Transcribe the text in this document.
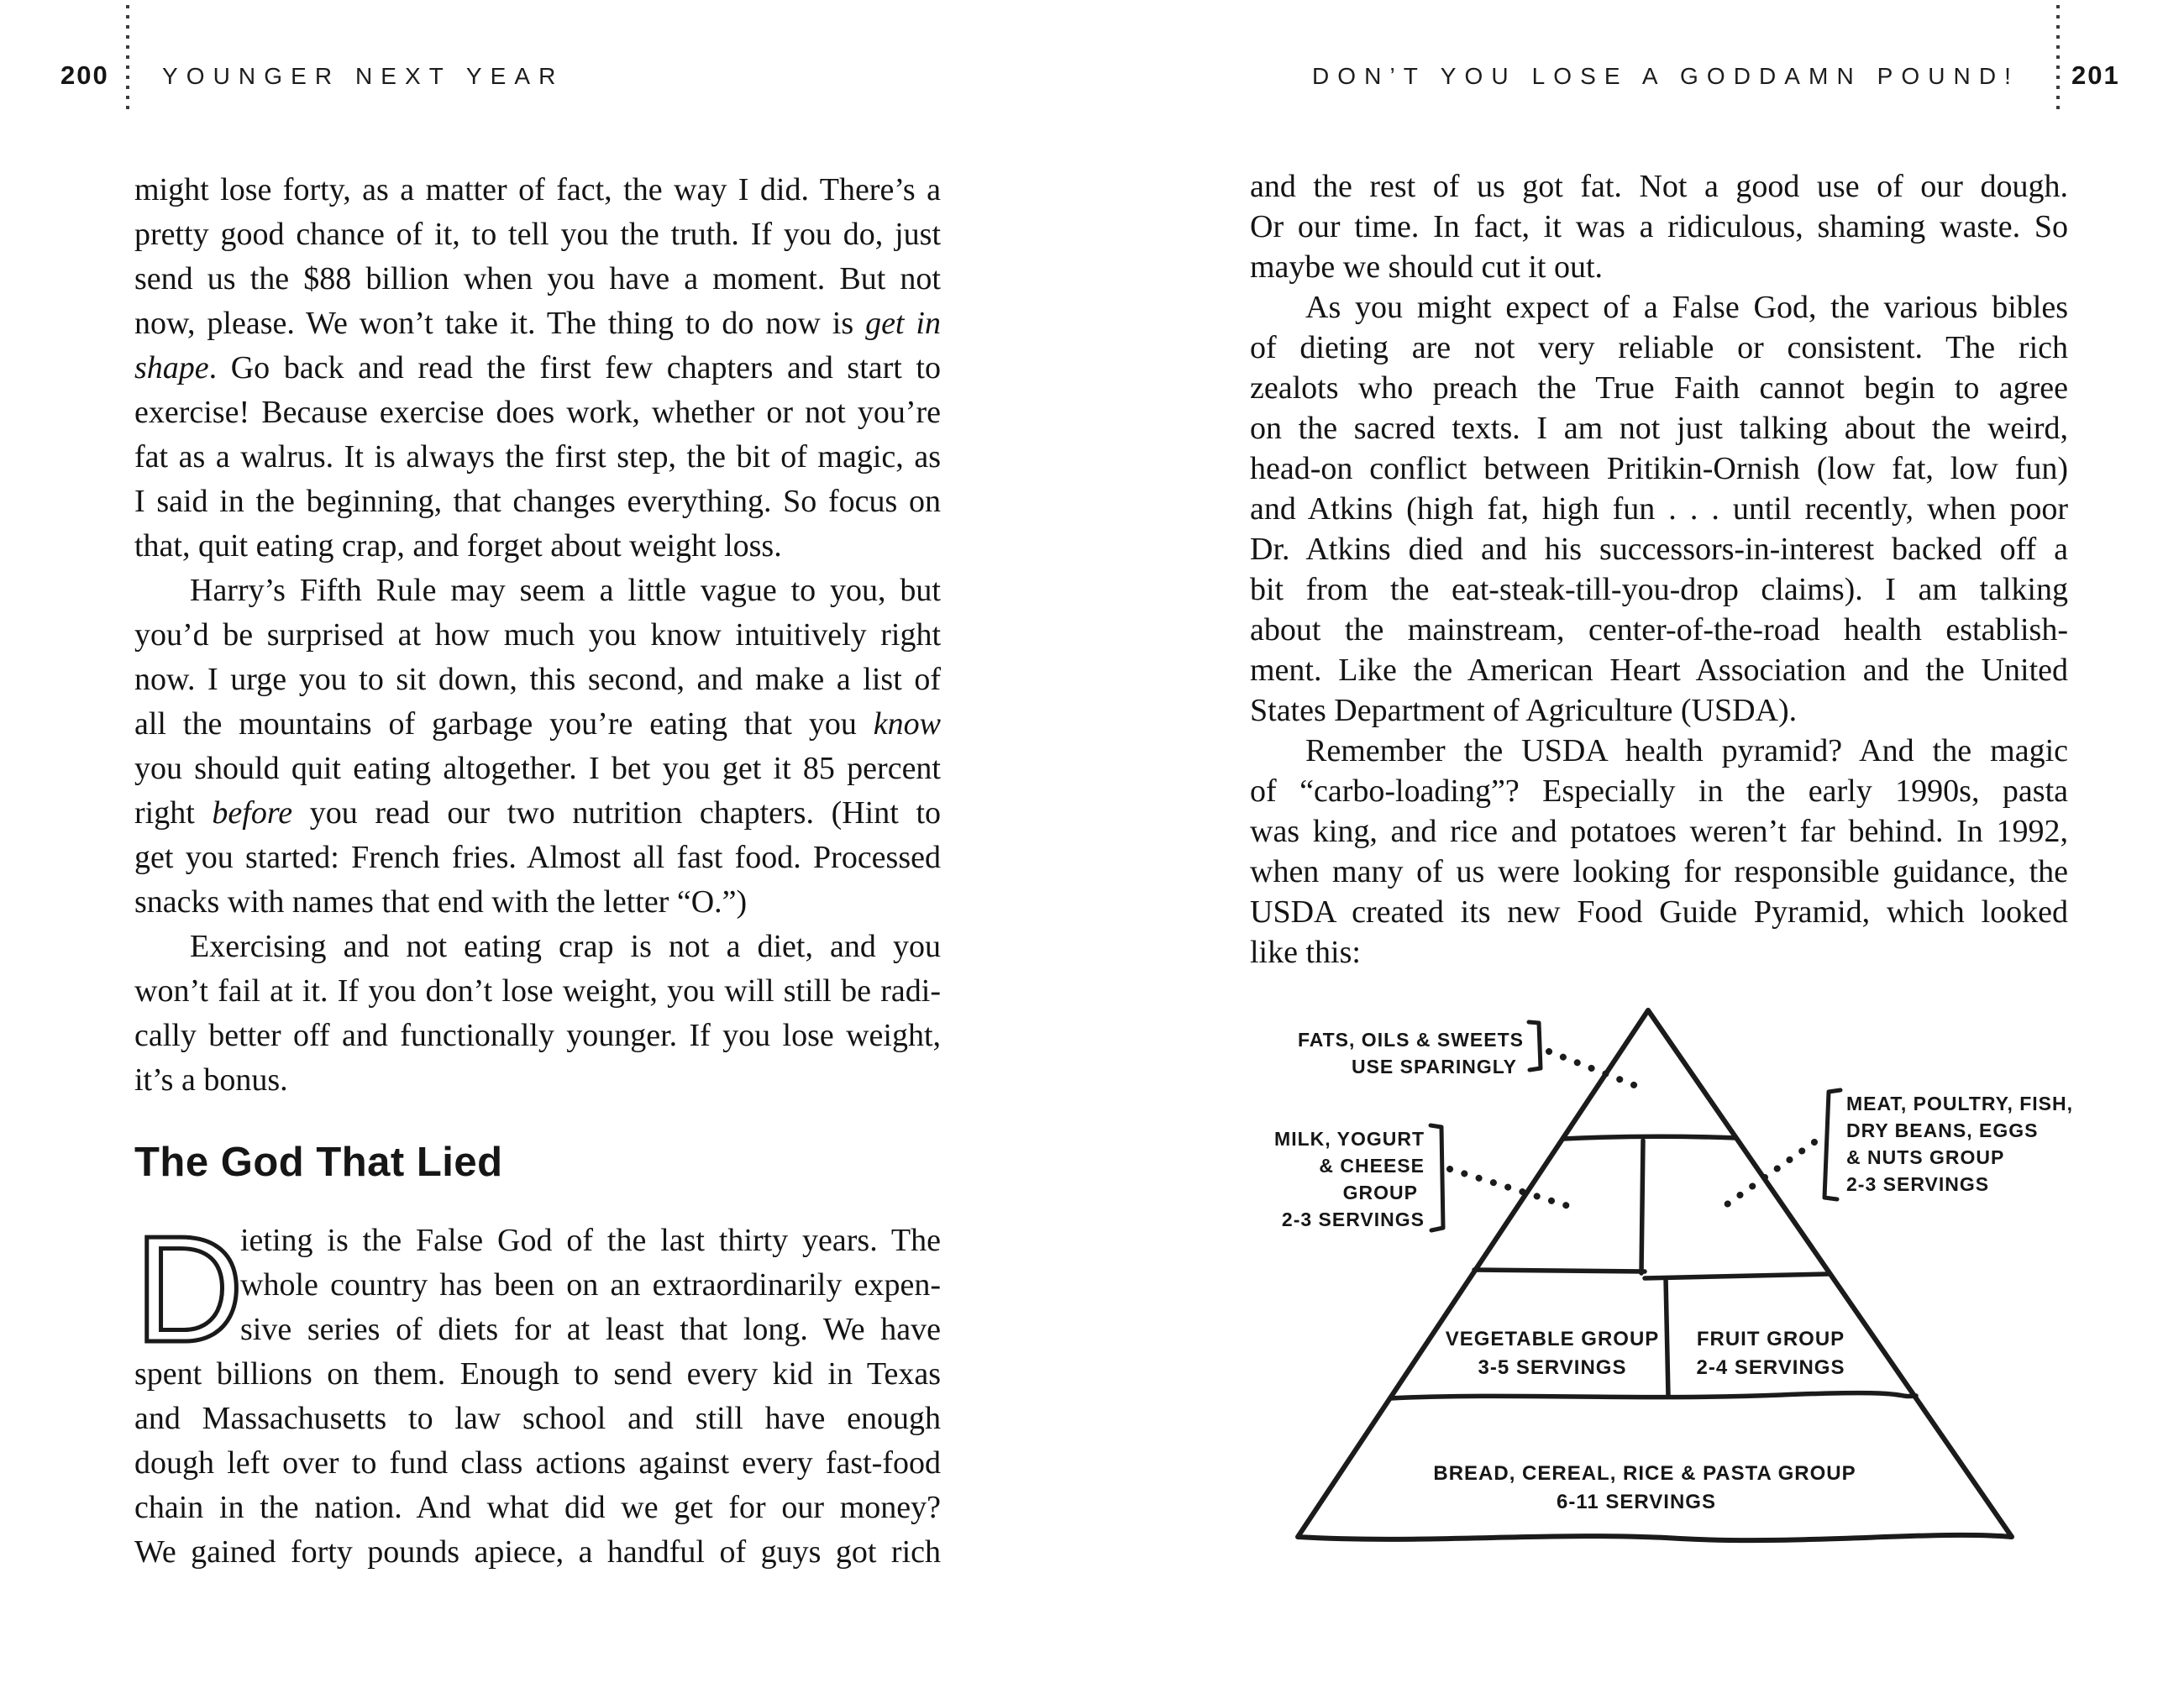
200 YOUNGER NEXT YEAR	DON’T YOU LOSE A GODDAMN POUND! 201
might lose forty, as a matter of fact, the way I did. There’s a
pretty good chance of it, to tell you the truth. If you do, just
send us the $88 billion when you have a moment. But not
now, please. We won’t take it. The thing to do now is get in
shape. Go back and read the first few chapters and start to
exercise! Because exercise does work, whether or not you’re
fat as a walrus. It is always the first step, the bit of magic, as
I said in the beginning, that changes everything. So focus on
that, quit eating crap, and forget about weight loss.
Harry’s Fifth Rule may seem a little vague to you, but
you’d be surprised at how much you know intuitively right
now. I urge you to sit down, this second, and make a list of
all the mountains of garbage you’re eating that you know
you should quit eating altogether. I bet you get it 85 percent
right before you read our two nutrition chapters. (Hint to
get you started: French fries. Almost all fast food. Processed
snacks with names that end with the letter “O.”)
Exercising and not eating crap is not a diet, and you
won’t fail at it. If you don’t lose weight, you will still be radi-
cally better off and functionally younger. If you lose weight,
it’s a bonus.
The God That Lied
D
ieting is the False God of the last thirty years. The
whole country has been on an extraordinarily expen-
sive series of diets for at least that long. We have
spent billions on them. Enough to send every kid in Texas
and Massachusetts to law school and still have enough
dough left over to fund class actions against every fast-food
chain in the nation. And what did we get for our money?
We gained forty pounds apiece, a handful of guys got rich
and the rest of us got fat. Not a good use of our dough.
Or our time. In fact, it was a ridiculous, shaming waste. So
maybe we should cut it out.
As you might expect of a False God, the various bibles
of dieting are not very reliable or consistent. The rich
zealots who preach the True Faith cannot begin to agree
on the sacred texts. I am not just talking about the weird,
head-on conflict between Pritikin-Ornish (low fat, low fun)
and Atkins (high fat, high fun . . . until recently, when poor
Dr. Atkins died and his successors-in-interest backed off a
bit from the eat-steak-till-you-drop claims). I am talking
about the mainstream, center-of-the-road health establish-
ment. Like the American Heart Association and the United
States Department of Agriculture (USDA).
Remember the USDA health pyramid? And the magic
of “carbo-loading”? Especially in the early 1990s, pasta
was king, and rice and potatoes weren’t far behind. In 1992,
when many of us were looking for responsible guidance, the
USDA created its new Food Guide Pyramid, which looked
like this:
FATS, OILS & SWEETS
USE SPARINGLY
MILK, YOGURT
& CHEESE
GROUP
2-3 SERVINGS
MEAT, POULTRY, FISH,
DRY BEANS, EGGS
& NUTS GROUP
2-3 SERVINGS
VEGETABLE GROUP
3-5 SERVINGS
FRUIT GROUP
2-4 SERVINGS
BREAD, CEREAL, RICE & PASTA GROUP
6-11 SERVINGS
